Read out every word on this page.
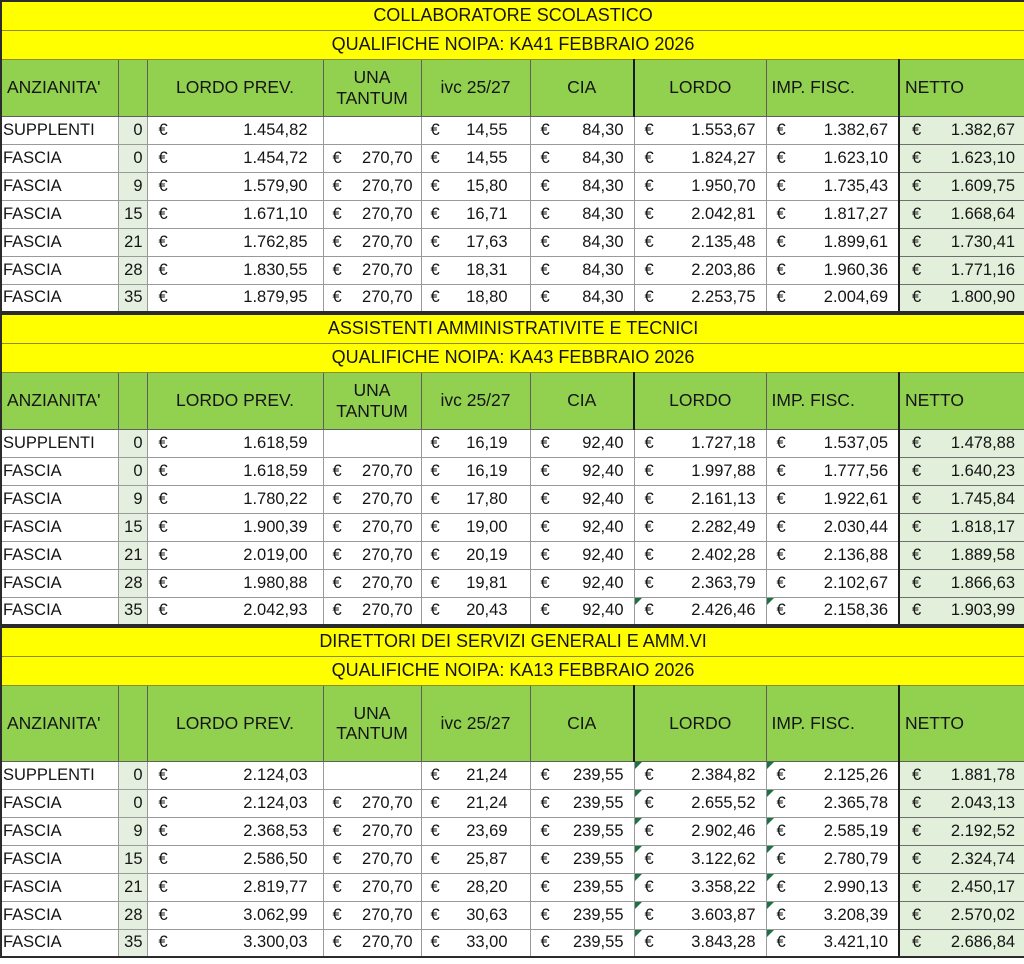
COLLABORATORE SCOLASTICO								
QUALIFICHE NOIPA: KA41 FEBBRAIO 2026								
ANZIANITA'		LORDO PREV.	UNA TANTUM	ivc 25/27	CIA	LORDO	IMP. FISC.	NETTO
SUPPLENTI	0	€ 1.454,82		€ 14,55	€ 84,30	€ 1.553,67	€ 1.382,67	€ 1.382,67

FASCIA	0	€ 1.454,72	€ 270,70	€ 14,55	€ 84,30	€ 1.824,27	€ 1.623,10	€ 1.623,10

FASCIA	9	€ 1.579,90	€ 270,70	€ 15,80	€ 84,30	€ 1.950,70	€ 1.735,43	€ 1.609,75

FASCIA	15	€ 1.671,10	€ 270,70	€ 16,71	€ 84,30	€ 2.042,81	€ 1.817,27	€ 1.668,64

FASCIA	21	€ 1.762,85	€ 270,70	€ 17,63	€ 84,30	€ 2.135,48	€ 1.899,61	€ 1.730,41

FASCIA	28	€ 1.830,55	€ 270,70	€ 18,31	€ 84,30	€ 2.203,86	€ 1.960,36	€ 1.771,16

FASCIA	35	€ 1.879,95	€ 270,70	€ 18,80	€ 84,30	€ 2.253,75	€ 2.004,69	€ 1.800,90
ASSISTENTI AMMINISTRATIVITE E TECNICI								
QUALIFICHE NOIPA: KA43 FEBBRAIO 2026								
ANZIANITA'		LORDO PREV.	UNA TANTUM	ivc 25/27	CIA	LORDO	IMP. FISC.	NETTO
SUPPLENTI	0	€ 1.618,59		€ 16,19	€ 92,40	€ 1.727,18	€ 1.537,05	€ 1.478,88

FASCIA	0	€ 1.618,59	€ 270,70	€ 16,19	€ 92,40	€ 1.997,88	€ 1.777,56	€ 1.640,23

FASCIA	9	€ 1.780,22	€ 270,70	€ 17,80	€ 92,40	€ 2.161,13	€ 1.922,61	€ 1.745,84

FASCIA	15	€ 1.900,39	€ 270,70	€ 19,00	€ 92,40	€ 2.282,49	€ 2.030,44	€ 1.818,17

FASCIA	21	€ 2.019,00	€ 270,70	€ 20,19	€ 92,40	€ 2.402,28	€ 2.136,88	€ 1.889,58

FASCIA	28	€ 1.980,88	€ 270,70	€ 19,81	€ 92,40	€ 2.363,79	€ 2.102,67	€ 1.866,63

FASCIA	35	€ 2.042,93	€ 270,70	€ 20,43	€ 92,40	€ 2.426,46	€ 2.158,36	€ 1.903,99
DIRETTORI DEI SERVIZI GENERALI E AMM.VI								
QUALIFICHE NOIPA: KA13 FEBBRAIO 2026								
ANZIANITA'		LORDO PREV.	UNA TANTUM	ivc 25/27	CIA	LORDO	IMP. FISC.	NETTO
SUPPLENTI	0	€ 2.124,03		€ 21,24	€ 239,55	€ 2.384,82	€ 2.125,26	€ 1.881,78

FASCIA	0	€ 2.124,03	€ 270,70	€ 21,24	€ 239,55	€ 2.655,52	€ 2.365,78	€ 2.043,13

FASCIA	9	€ 2.368,53	€ 270,70	€ 23,69	€ 239,55	€ 2.902,46	€ 2.585,19	€ 2.192,52

FASCIA	15	€ 2.586,50	€ 270,70	€ 25,87	€ 239,55	€ 3.122,62	€ 2.780,79	€ 2.324,74

FASCIA	21	€ 2.819,77	€ 270,70	€ 28,20	€ 239,55	€ 3.358,22	€ 2.990,13	€ 2.450,17

FASCIA	28	€ 3.062,99	€ 270,70	€ 30,63	€ 239,55	€ 3.603,87	€ 3.208,39	€ 2.570,02

FASCIA	35	€ 3.300,03	€ 270,70	€ 33,00	€ 239,55	€ 3.843,28	€ 3.421,10	€ 2.686,84
